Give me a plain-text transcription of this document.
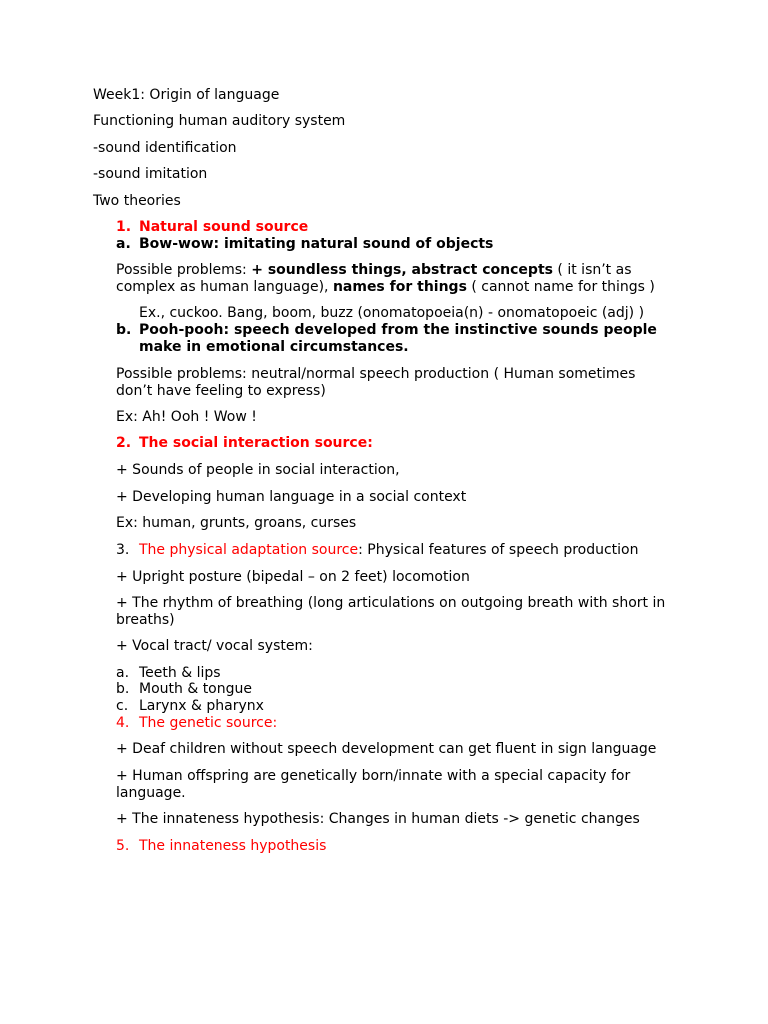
Week1: Origin of language
Functioning human auditory system
-sound identification
-sound imitation
Two theories
1. Natural sound source
a. Bow-wow: imitating natural sound of objects
Possible problems: + soundless things, abstract concepts ( it isn’t as
complex as human language), names for things ( cannot name for things )
Ex., cuckoo. Bang, boom, buzz (onomatopoeia(n) - onomatopoeic (adj) )
b. Pooh-pooh: speech developed from the instinctive sounds people
make in emotional circumstances.
Possible problems: neutral/normal speech production ( Human sometimes
don’t have feeling to express)
Ex: Ah! Ooh ! Wow !
2. The social interaction source:
+ Sounds of people in social interaction,
+ Developing human language in a social context
Ex: human, grunts, groans, curses
3. The physical adaptation source: Physical features of speech production
+ Upright posture (bipedal – on 2 feet) locomotion
+ The rhythm of breathing (long articulations on outgoing breath with short in
breaths)
+ Vocal tract/ vocal system:
a. Teeth & lips
b. Mouth & tongue
c. Larynx & pharynx
4. The genetic source:
+ Deaf children without speech development can get fluent in sign language
+ Human offspring are genetically born/innate with a special capacity for
language.
+ The innateness hypothesis: Changes in human diets -> genetic changes
5. The innateness hypothesis
